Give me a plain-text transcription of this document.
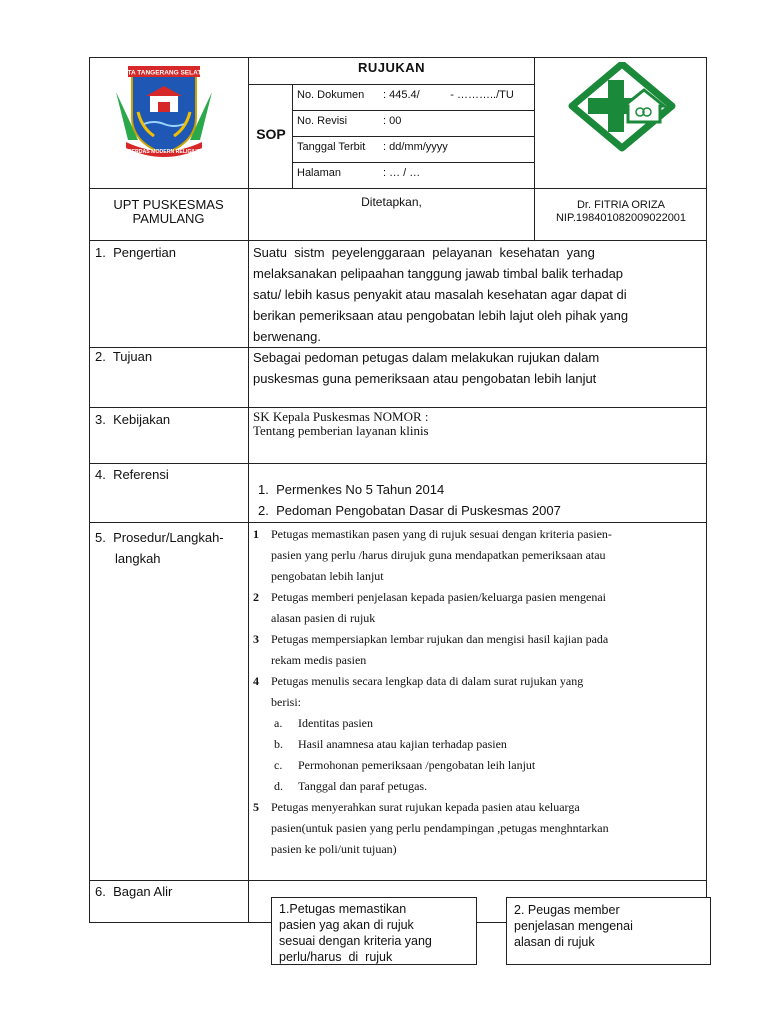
KOTA TANGERANG SELATAN
CERDAS MODERN RELIGIUS
RUJUKAN
SOP
No. Dokumen	: 445.4/          - ………../TU
No. Revisi	: 00
Tanggal Terbit	: dd/mm/yyyy
Halaman	: … / …
UPT PUSKESMAS
PAMULANG
Ditetapkan,	Dr. FITRIA ORIZA
NIP.198401082009022001
1.  Pengertian	Suatu  sistm  peyelenggaraan  pelayanan  kesehatan  yang
melaksanakan pelipaahan tanggung jawab timbal balik terhadap
satu/ lebih kasus penyakit atau masalah kesehatan agar dapat di
berikan pemeriksaan atau pengobatan lebih lajut oleh pihak yang
berwenang.
2.  Tujuan	Sebagai pedoman petugas dalam melakukan rujukan dalam
puskesmas guna pemeriksaan atau pengobatan lebih lanjut
3.  Kebijakan	SK Kepala Puskesmas NOMOR :
Tentang pemberian layanan klinis
4.  Referensi
1.  Permenkes No 5 Tahun 2014
2.  Pedoman Pengobatan Dasar di Puskesmas 2007
5.  Prosedur/Langkah-
langkah
1 Petugas memastikan pasen yang di rujuk sesuai dengan kriteria pasien-
pasien yang perlu /harus dirujuk guna mendapatkan pemeriksaan atau
pengobatan lebih lanjut
2 Petugas memberi penjelasan kepada pasien/keluarga pasien mengenai
alasan pasien di rujuk
3 Petugas mempersiapkan lembar rujukan dan mengisi hasil kajian pada
rekam medis pasien
4 Petugas menulis secara lengkap data di dalam surat rujukan yang
berisi:
a. Identitas pasien
b. Hasil anamnesa atau kajian terhadap pasien
c. Permohonan pemeriksaan /pengobatan leih lanjut
d. Tanggal dan paraf petugas.
5 Petugas menyerahkan surat rujukan kepada pasien atau keluarga
pasien(untuk pasien yang perlu pendampingan ,petugas menghntarkan
pasien ke poli/unit tujuan)
6.  Bagan Alir
1.Petugas memastikan
pasien yag akan di rujuk
sesuai dengan kriteria yang
perlu/harus  di  rujuk
2. Peugas member
penjelasan mengenai
alasan di rujuk
